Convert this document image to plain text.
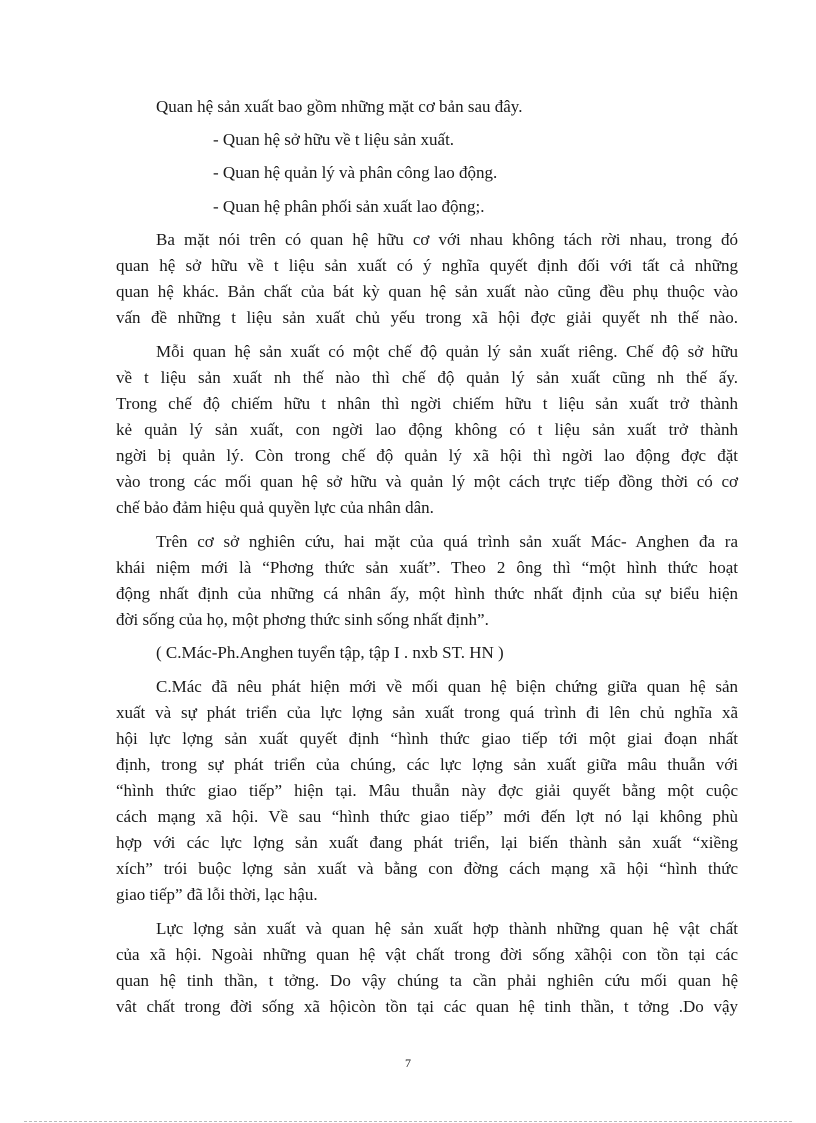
Quan hệ sản xuất bao gồm những mặt cơ bản sau đây.
- Quan hệ sở hữu về t liệu sản xuất.
- Quan hệ quản lý và phân công lao động.
- Quan hệ phân phối sản xuất lao động;.
Ba mặt nói trên có quan hệ hữu cơ với nhau không tách rời nhau, trong đó
quan hệ sở hữu về t liệu sản xuất có ý nghĩa quyết định đối với tất cả những
quan hệ khác. Bản chất của bát kỳ quan hệ sản xuất nào cũng đều phụ thuộc vào
vấn đề những t liệu sản xuất chủ yếu trong xã hội đợc giải quyết nh thế nào.
Mỗi quan hệ sản xuất có một chế độ quản lý sản xuất riêng. Chế độ sở hữu
về t liệu sản xuất nh thế nào thì chế độ quản lý sản xuất cũng nh thế ấy.
Trong chế độ chiếm hữu t nhân thì ngời chiếm hữu t liệu sản xuất trở thành
kẻ quản lý sản xuất, con ngời lao động không có t liệu sản xuất trở thành
ngời bị quản lý. Còn trong chế độ quản lý xã hội thì ngời lao động đợc đặt
vào trong các mối quan hệ sở hữu và quản lý một cách trực tiếp đồng thời có cơ
chế bảo đảm hiệu quả quyền lực của nhân dân.
Trên cơ sở nghiên cứu, hai mặt của quá trình sản xuất Mác- Anghen đa ra
khái niệm mới là “Phơng thức sản xuất”. Theo 2 ông thì “một hình thức hoạt
động nhất định của những cá nhân ấy, một hình thức nhất định của sự biểu hiện
đời sống của họ, một phơng thức sinh sống nhất định”.
( C.Mác-Ph.Anghen tuyển tập, tập I . nxb ST. HN )
C.Mác đã nêu phát hiện mới về mối quan hệ biện chứng giữa quan hệ sản
xuất và sự phát triển của lực lợng sản xuất trong quá trình đi lên chủ nghĩa xã
hội lực lợng sản xuất quyết định “hình thức giao tiếp tới một giai đoạn nhất
định, trong sự phát triển của chúng, các lực lợng sản xuất giữa mâu thuẫn với
“hình thức giao tiếp” hiện tại. Mâu thuẫn này đợc giải quyết bằng một cuộc
cách mạng xã hội. Về sau “hình thức giao tiếp” mới đến lợt nó lại không phù
hợp với các lực lợng sản xuất đang phát triển, lại biến thành sản xuất “xiềng
xích” trói buộc lợng sản xuất và bằng con đờng cách mạng xã hội “hình thức
giao tiếp” đã lỗi thời, lạc hậu.
Lực lợng sản xuất và quan hệ sản xuất hợp thành những quan hệ vật chất
của xã hội. Ngoài những quan hệ vật chất trong đời sống xãhội con tồn tại các
quan hệ tinh thần, t tởng. Do vậy chúng ta cần phải nghiên cứu mối quan hệ
vât chất trong đời sống xã hộicòn tồn tại các quan hệ tinh thần, t tởng .Do vậy
7
